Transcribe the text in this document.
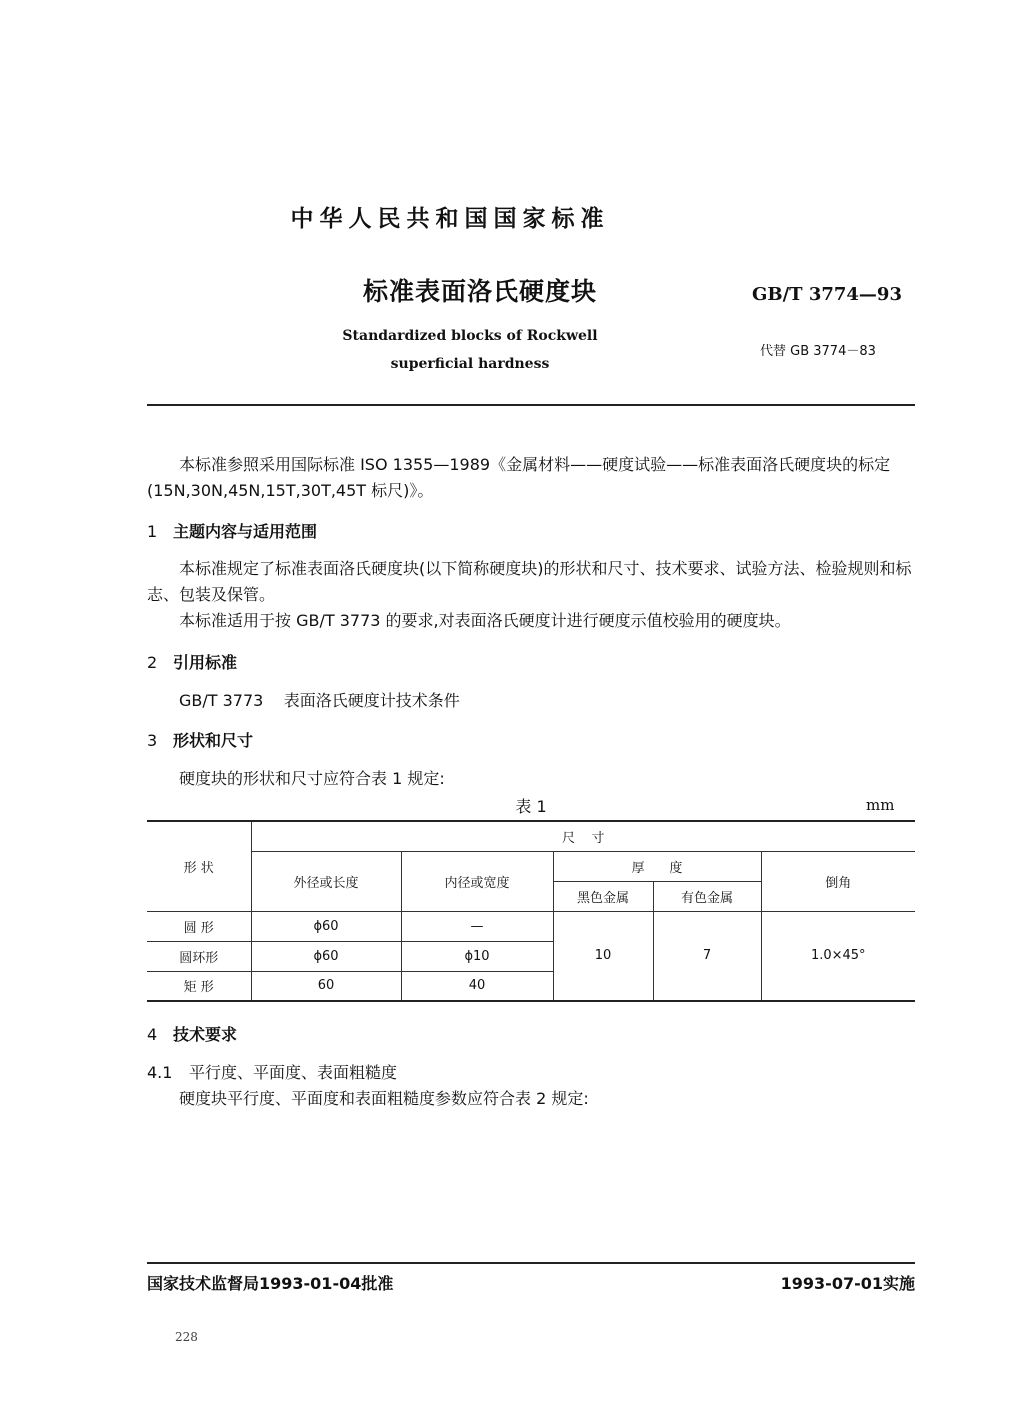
中华人民共和国国家标准
标准表面洛氏硬度块	GB/T 3774—93
Standardized blocks of Rockwell
superficial hardness
代替 GB 3774－83
本标准参照采用国际标准 ISO 1355—1989《金属材料——硬度试验——标准表面洛氏硬度块的标定(15N,30N,45N,15T,30T,45T 标尺)》。
1 主题内容与适用范围
本标准规定了标准表面洛氏硬度块(以下简称硬度块)的形状和尺寸、技术要求、试验方法、检验规则和标志、包装及保管。
本标准适用于按 GB/T 3773 的要求,对表面洛氏硬度计进行硬度示值校验用的硬度块。
2 引用标准
GB/T 3773    表面洛氏硬度计技术条件
3 形状和尺寸
硬度块的形状和尺寸应符合表 1 规定:
表 1	mm
形 状	尺    寸				
	外径或长度	内径或宽度	厚      度		倒角
			黑色金属	有色金属	
圆 形	ϕ60	—	10	7	1.0×45°
圆环形	ϕ60	ϕ10			
矩 形	60	40			
4 技术要求
4.1 平行度、平面度、表面粗糙度
硬度块平行度、平面度和表面粗糙度参数应符合表 2 规定:
国家技术监督局1993-01-04批准	1993-07-01实施
228
